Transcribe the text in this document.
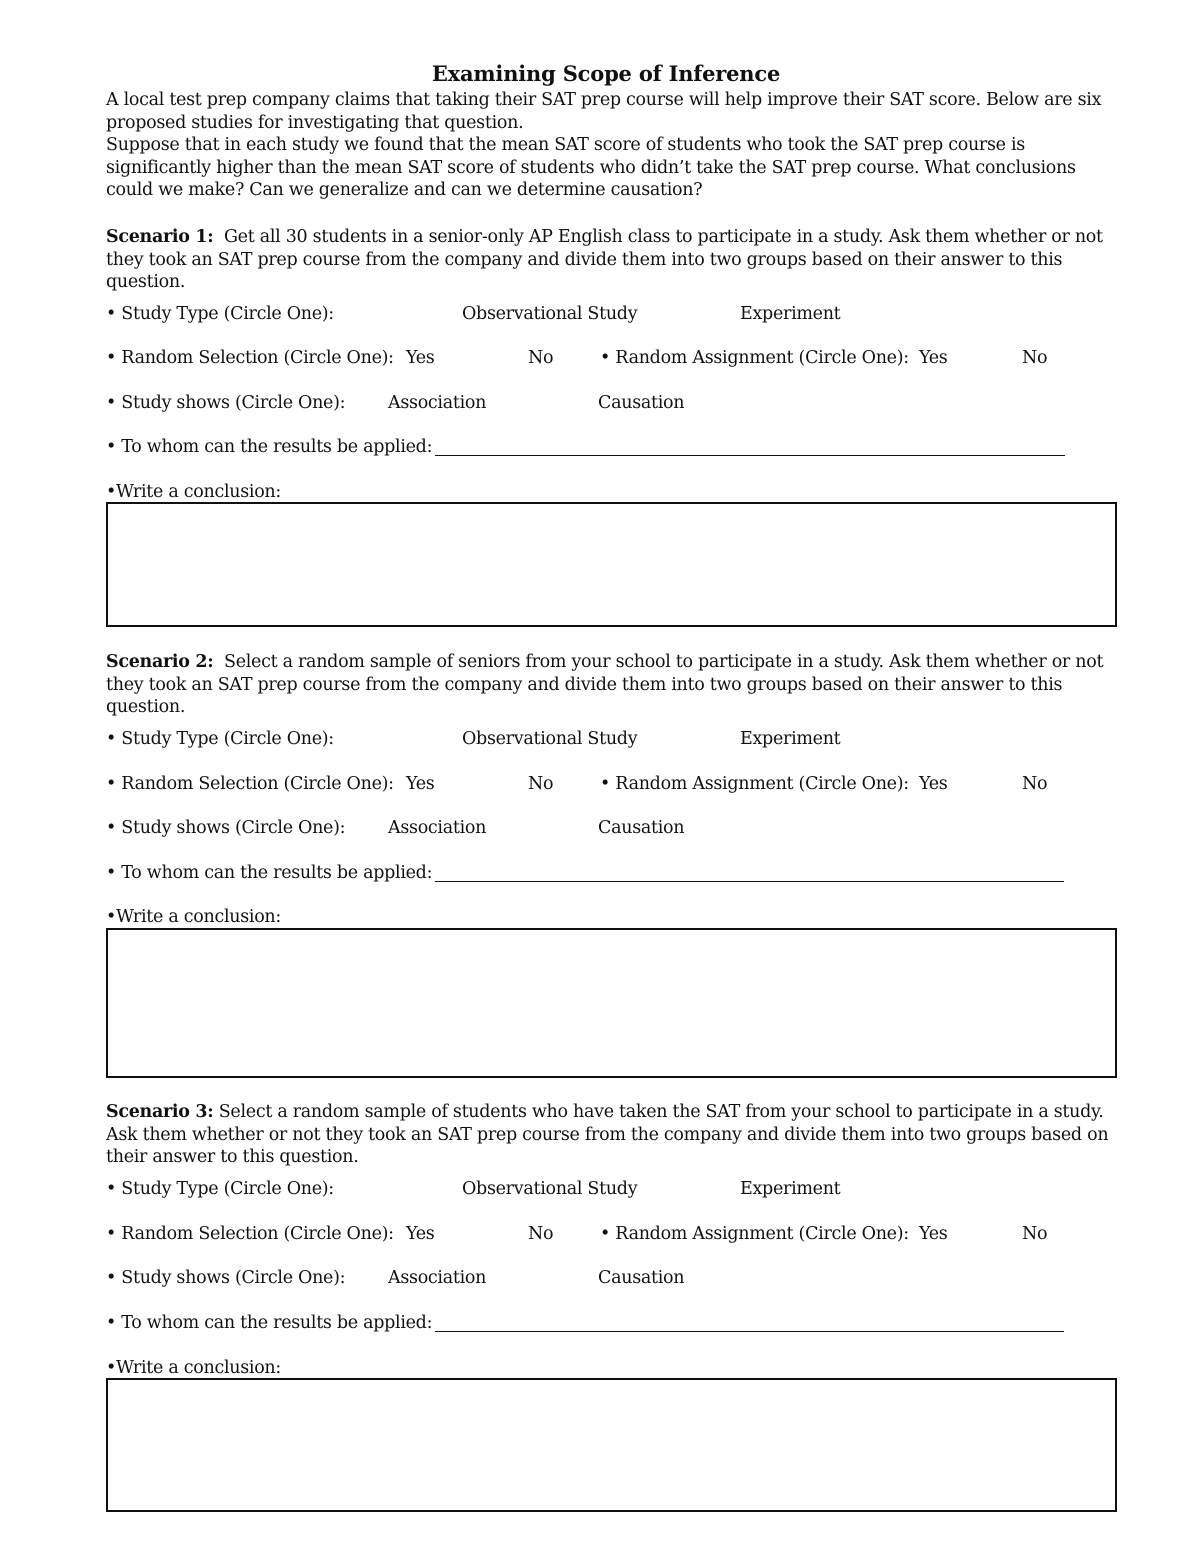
Examining Scope of Inference
A local test prep company claims that taking their SAT prep course will help improve their SAT score. Below are six
proposed studies for investigating that question.
Suppose that in each study we found that the mean SAT score of students who took the SAT prep course is
significantly higher than the mean SAT score of students who didn’t take the SAT prep course. What conclusions
could we make? Can we generalize and can we determine causation?
Scenario 1: Get all 30 students in a senior-only AP English class to participate in a study. Ask them whether or not
they took an SAT prep course from the company and divide them into two groups based on their answer to this
question.
• Study Type (Circle One):	Observational Study	Experiment
• Random Selection (Circle One): Yes	No	• Random Assignment (Circle One): Yes	No
• Study shows (Circle One): Association	Causation
• To whom can the results be applied:
•Write a conclusion:
Scenario 2: Select a random sample of seniors from your school to participate in a study. Ask them whether or not
they took an SAT prep course from the company and divide them into two groups based on their answer to this
question.
• Study Type (Circle One):	Observational Study	Experiment
• Random Selection (Circle One): Yes	No	• Random Assignment (Circle One): Yes	No
• Study shows (Circle One): Association	Causation
• To whom can the results be applied:
•Write a conclusion:
Scenario 3: Select a random sample of students who have taken the SAT from your school to participate in a study.
Ask them whether or not they took an SAT prep course from the company and divide them into two groups based on
their answer to this question.
• Study Type (Circle One):	Observational Study	Experiment
• Random Selection (Circle One): Yes	No	• Random Assignment (Circle One): Yes	No
• Study shows (Circle One): Association	Causation
• To whom can the results be applied:
•Write a conclusion:
